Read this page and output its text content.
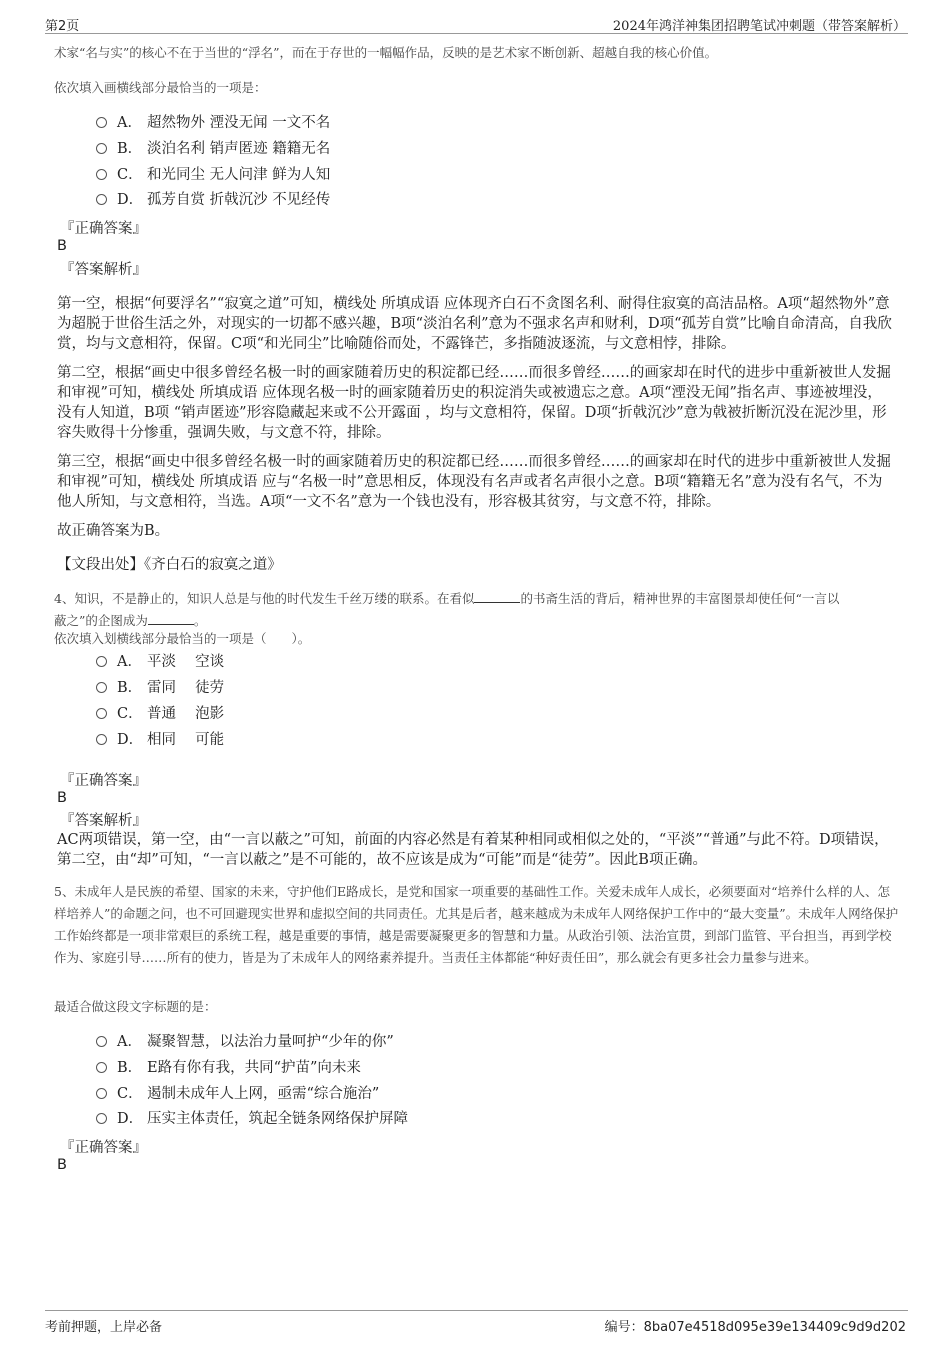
第2页	2024年鸿洋神集团招聘笔试冲刺题（带答案解析）
术家“名与实”的核心不在于当世的“浮名”，而在于存世的一幅幅作品，反映的是艺术家不断创新、超越自我的核心价值。
依次填入画横线部分最恰当的一项是：
A． 超然物外 湮没无闻 一文不名
B． 淡泊名利 销声匿迹 籍籍无名
C． 和光同尘 无人问津 鲜为人知
D． 孤芳自赏 折戟沉沙 不见经传
『正确答案』
B
『答案解析』
第一空，根据“何要浮名”“寂寞之道”可知，横线处 所填成语 应体现齐白石不贪图名利、耐得住寂寞的高洁品格。A项“超然物外”意为超脱于世俗生活之外，对现实的一切都不感兴趣，B项“淡泊名利”意为不强求名声和财利，D项“孤芳自赏”比喻自命清高，自我欣赏，均与文意相符，保留。C项“和光同尘”比喻随俗而处，不露锋芒，多指随波逐流，与文意相悖，排除。
第二空，根据“画史中很多曾经名极一时的画家随着历史的积淀都已经……而很多曾经……的画家却在时代的进步中重新被世人发掘和审视”可知，横线处 所填成语 应体现名极一时的画家随着历史的积淀消失或被遗忘之意。A项“湮没无闻”指名声、事迹被埋没，没有人知道，B项 “销声匿迹”形容隐藏起来或不公开露面 ，均与文意相符，保留。D项“折戟沉沙”意为戟被折断沉没在泥沙里，形容失败得十分惨重，强调失败，与文意不符，排除。
第三空，根据“画史中很多曾经名极一时的画家随着历史的积淀都已经……而很多曾经……的画家却在时代的进步中重新被世人发掘和审视”可知，横线处 所填成语 应与“名极一时”意思相反，体现没有名声或者名声很小之意。B项“籍籍无名”意为没有名气，不为他人所知，与文意相符，当选。A项“一文不名”意为一个钱也没有，形容极其贫穷，与文意不符，排除。
故正确答案为B。
【文段出处】《齐白石的寂寞之道》
4、知识，不是静止的，知识人总是与他的时代发生千丝万缕的联系。在看似	的书斋生活的背后，精神世界的丰富图景却使任何“一言以
蔽之”的企图成为	。
依次填入划横线部分最恰当的一项是（　　）。
A． 平淡　 空谈
B． 雷同　 徒劳
C． 普通　 泡影
D． 相同　 可能
『正确答案』
B
『答案解析』
AC两项错误，第一空，由“一言以蔽之”可知，前面的内容必然是有着某种相同或相似之处的，“平淡”“普通”与此不符。D项错误，第二空，由“却”可知，“一言以蔽之”是不可能的，故不应该是成为“可能”而是“徒劳”。因此B项正确。
5、未成年人是民族的希望、国家的未来，守护他们E路成长，是党和国家一项重要的基础性工作。关爱未成年人成长，必须要面对“培养什么样的人、怎样培养人”的命题之问，也不可回避现实世界和虚拟空间的共同责任。尤其是后者，越来越成为未成年人网络保护工作中的“最大变量”。未成年人网络保护工作始终都是一项非常艰巨的系统工程，越是重要的事情，越是需要凝聚更多的智慧和力量。从政治引领、法治宣贯，到部门监管、平台担当，再到学校作为、家庭引导……所有的使力，皆是为了未成年人的网络素养提升。当责任主体都能“种好责任田”，那么就会有更多社会力量参与进来。
最适合做这段文字标题的是：
A． 凝聚智慧，以法治力量呵护“少年的你”
B． E路有你有我，共同“护苗”向未来
C． 遏制未成年人上网，亟需“综合施治”
D． 压实主体责任，筑起全链条网络保护屏障
『正确答案』
B
考前押题，上岸必备	编号：8ba07e4518d095e39e134409c9d9d202
